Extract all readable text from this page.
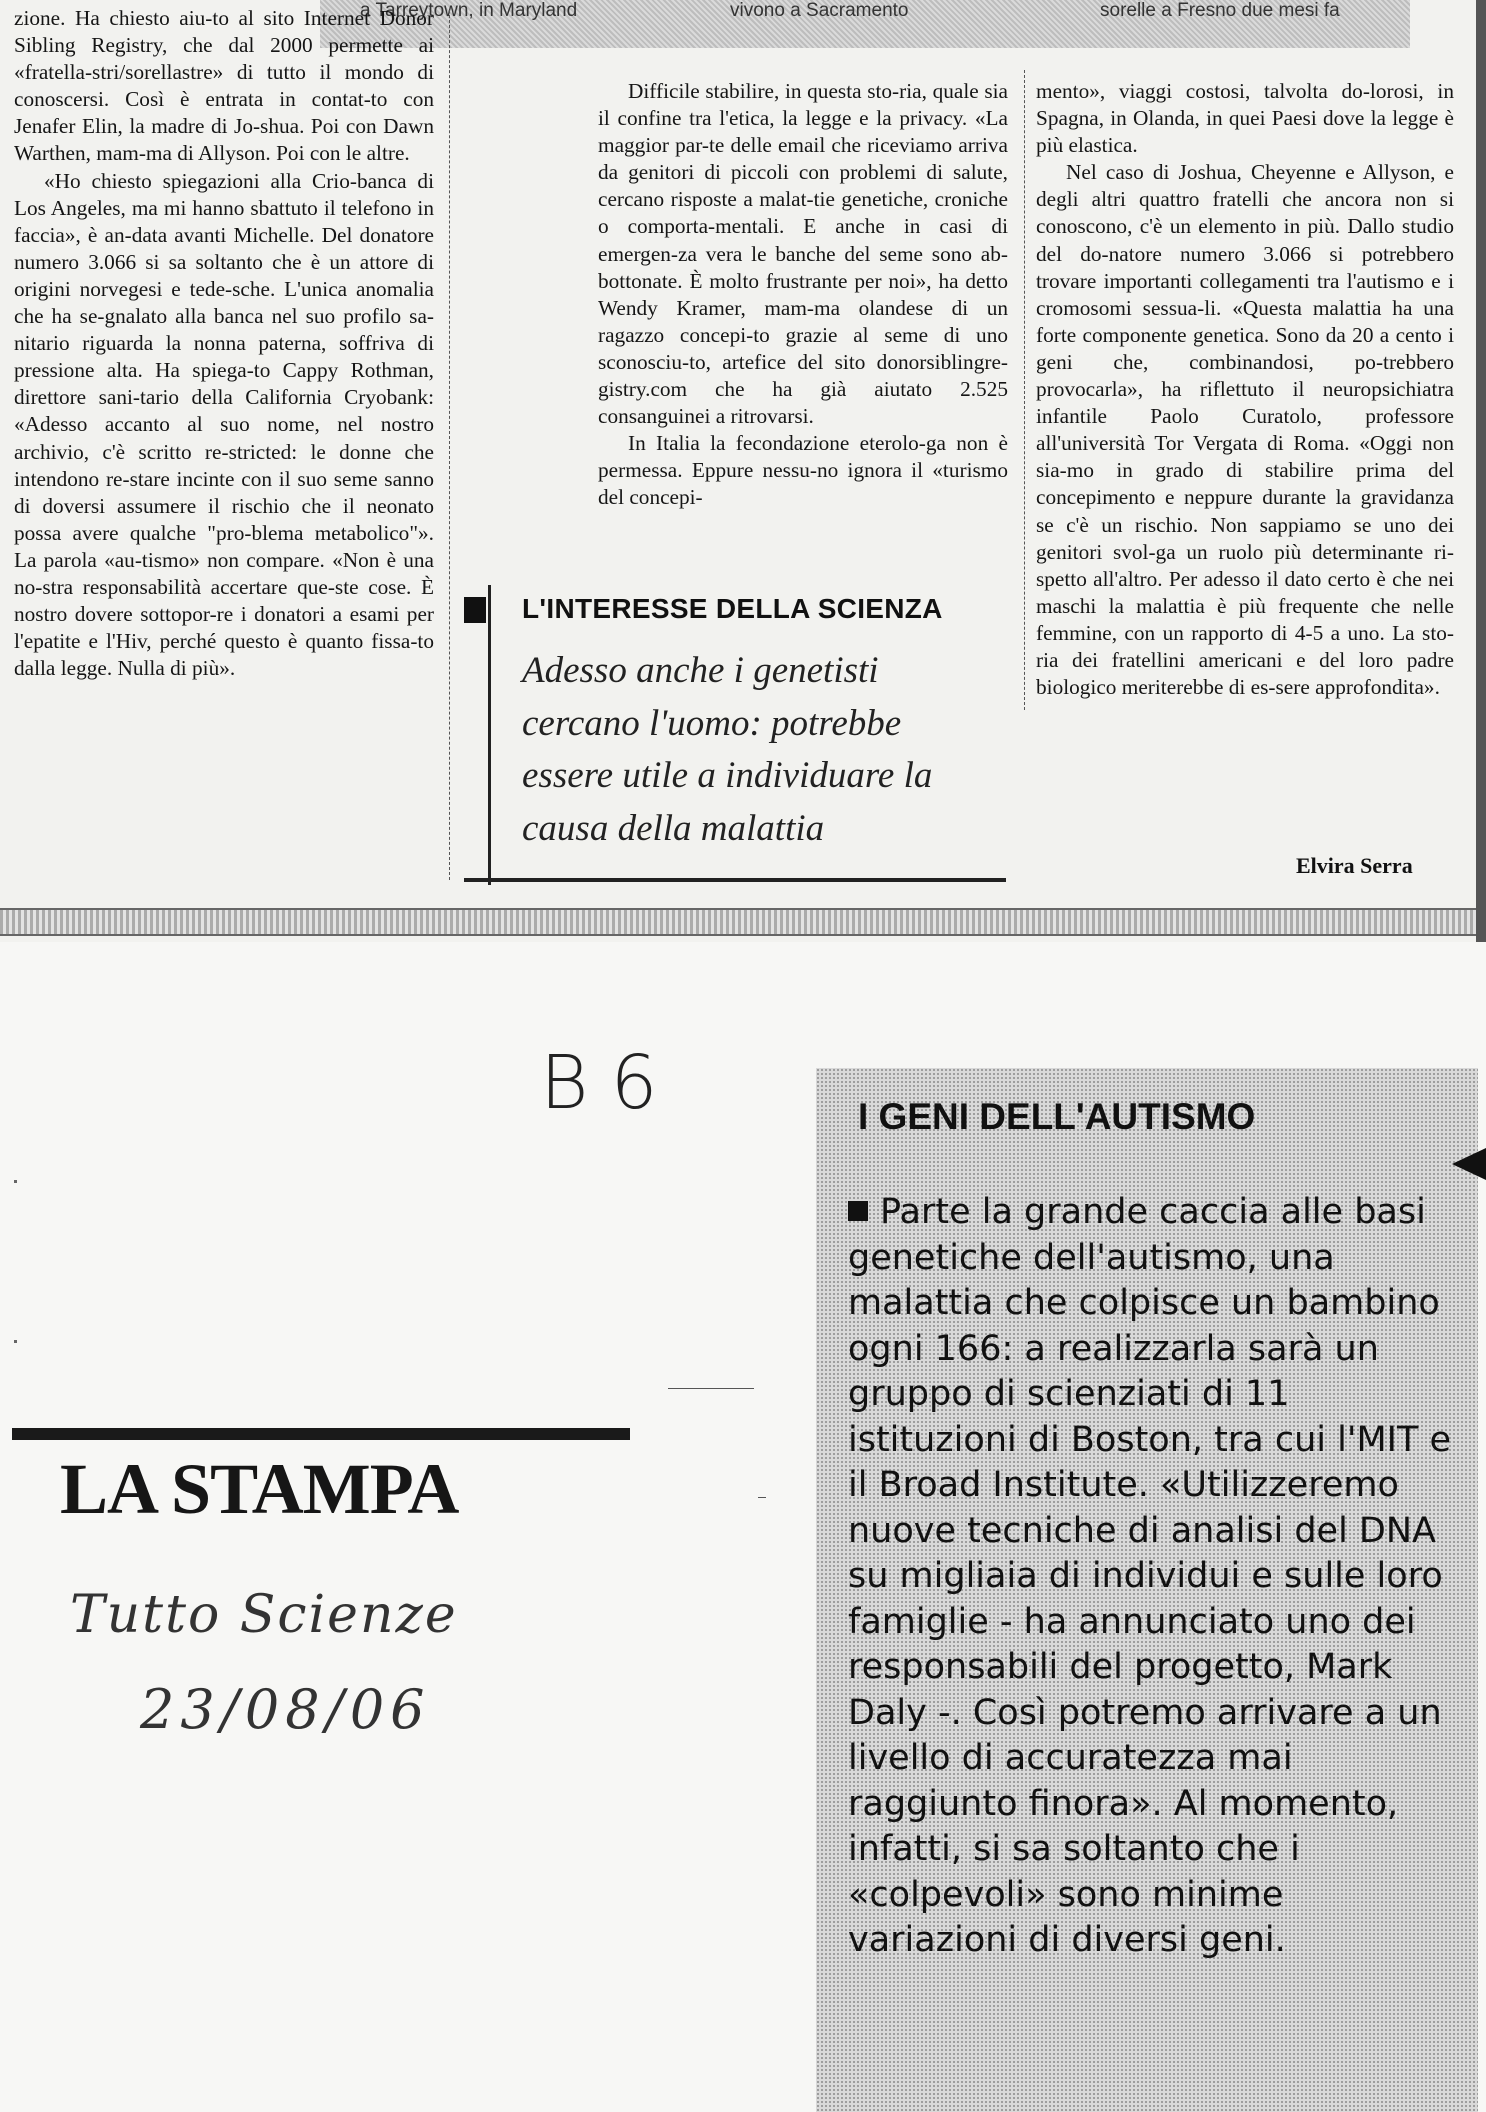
a Tarreytown, in Maryland	vivono a Sacramento	sorelle a Fresno due mesi fa

zione. Ha chiesto aiu-to al sito Internet Donor Sibling Registry, che dal 2000 permette ai «fratella-stri/sorellastre» di tutto il mondo di conoscersi. Così è entrata in contat-to con Jenafer Elin, la madre di Jo-shua. Poi con Dawn Warthen, mam-ma di Allyson. Poi con le altre.

«Ho chiesto spiegazioni alla Crio-banca di Los Angeles, ma mi hanno sbattuto il telefono in faccia», è an-data avanti Michelle. Del donatore numero 3.066 si sa soltanto che è un attore di origini norvegesi e tede-sche. L'unica anomalia che ha se-gnalato alla banca nel suo profilo sa-nitario riguarda la nonna paterna, soffriva di pressione alta. Ha spiega-to Cappy Rothman, direttore sani-tario della California Cryobank: «Adesso accanto al suo nome, nel nostro archivio, c'è scritto re-stricted: le donne che intendono re-stare incinte con il suo seme sanno di doversi assumere il rischio che il neonato possa avere qualche "pro-blema metabolico"». La parola «au-tismo» non compare. «Non è una no-stra responsabilità accertare que-ste cose. È nostro dovere sottopor-re i donatori a esami per l'epatite e l'Hiv, perché questo è quanto fissa-to dalla legge. Nulla di più».

Difficile stabilire, in questa sto-ria, quale sia il confine tra l'etica, la legge e la privacy. «La maggior par-te delle email che riceviamo arriva da genitori di piccoli con problemi di salute, cercano risposte a malat-tie genetiche, croniche o comporta-mentali. E anche in casi di emergen-za vera le banche del seme sono ab-bottonate. È molto frustrante per noi», ha detto Wendy Kramer, mam-ma olandese di un ragazzo concepi-to grazie al seme di uno sconosciu-to, artefice del sito donorsiblingre-gistry.com che ha già aiutato 2.525 consanguinei a ritrovarsi.

In Italia la fecondazione eterolo-ga non è permessa. Eppure nessu-no ignora il «turismo del concepi-

mento», viaggi costosi, talvolta do-lorosi, in Spagna, in Olanda, in quei Paesi dove la legge è più elastica.

Nel caso di Joshua, Cheyenne e Allyson, e degli altri quattro fratelli che ancora non si conoscono, c'è un elemento in più. Dallo studio del do-natore numero 3.066 si potrebbero trovare importanti collegamenti tra l'autismo e i cromosomi sessua-li. «Questa malattia ha una forte componente genetica. Sono da 20 a cento i geni che, combinandosi, po-trebbero provocarla», ha riflettuto il neuropsichiatra infantile Paolo Curatolo, professore all'università Tor Vergata di Roma. «Oggi non sia-mo in grado di stabilire prima del concepimento e neppure durante la gravidanza se c'è un rischio. Non sappiamo se uno dei genitori svol-ga un ruolo più determinante ri-spetto all'altro. Per adesso il dato certo è che nei maschi la malattia è più frequente che nelle femmine, con un rapporto di 4-5 a uno. La sto-ria dei fratellini americani e del loro padre biologico meriterebbe di es-sere approfondita».

Elvira Serra
L'INTERESSE DELLA SCIENZA
Adesso anche i genetisti cercano l'uomo: potrebbe essere utile a individuare la causa della malattia
B6
LA STAMPA
Tutto Scienze
23/08/06
I GENI DELL'AUTISMO
Parte la grande caccia alle basi genetiche dell'autismo, una malattia che colpisce un bambino ogni 166: a realizzarla sarà un gruppo di scienziati di 11 istituzioni di Boston, tra cui l'MIT e il Broad Institute. «Utilizzeremo nuove tecniche di analisi del DNA su migliaia di individui e sulle loro famiglie - ha annunciato uno dei responsabili del progetto, Mark Daly -. Così potremo arrivare a un livello di accuratezza mai raggiunto finora». Al momento, infatti, si sa soltanto che i «colpevoli» sono minime variazioni di diversi geni.
